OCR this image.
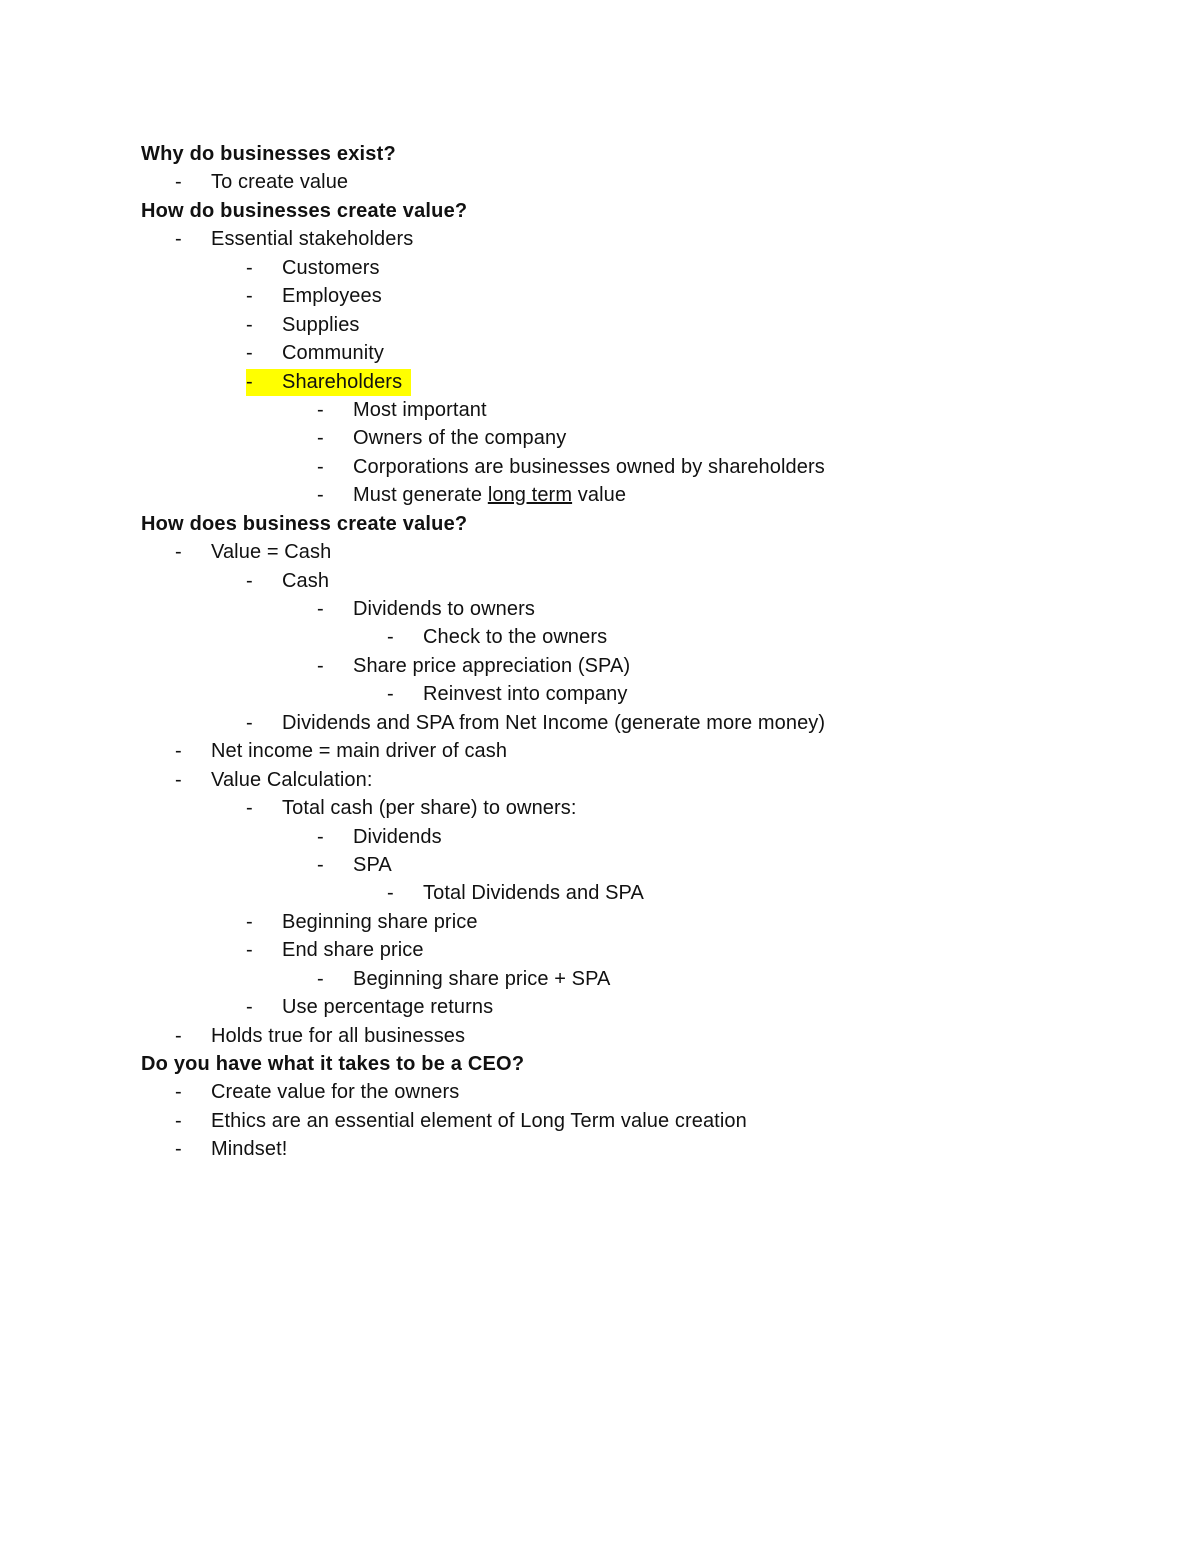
Why do businesses exist?
- To create value
How do businesses create value?
- Essential stakeholders
- Customers
- Employees
- Supplies
- Community
- Shareholders
- Most important
- Owners of the company
- Corporations are businesses owned by shareholders
- Must generate long term value
How does business create value?
- Value = Cash
- Cash
- Dividends to owners
- Check to the owners
- Share price appreciation (SPA)
- Reinvest into company
- Dividends and SPA from Net Income (generate more money)
- Net income = main driver of cash
- Value Calculation:
- Total cash (per share) to owners:
- Dividends
- SPA
- Total Dividends and SPA
- Beginning share price
- End share price
- Beginning share price + SPA
- Use percentage returns
- Holds true for all businesses
Do you have what it takes to be a CEO?
- Create value for the owners
- Ethics are an essential element of Long Term value creation
- Mindset!
